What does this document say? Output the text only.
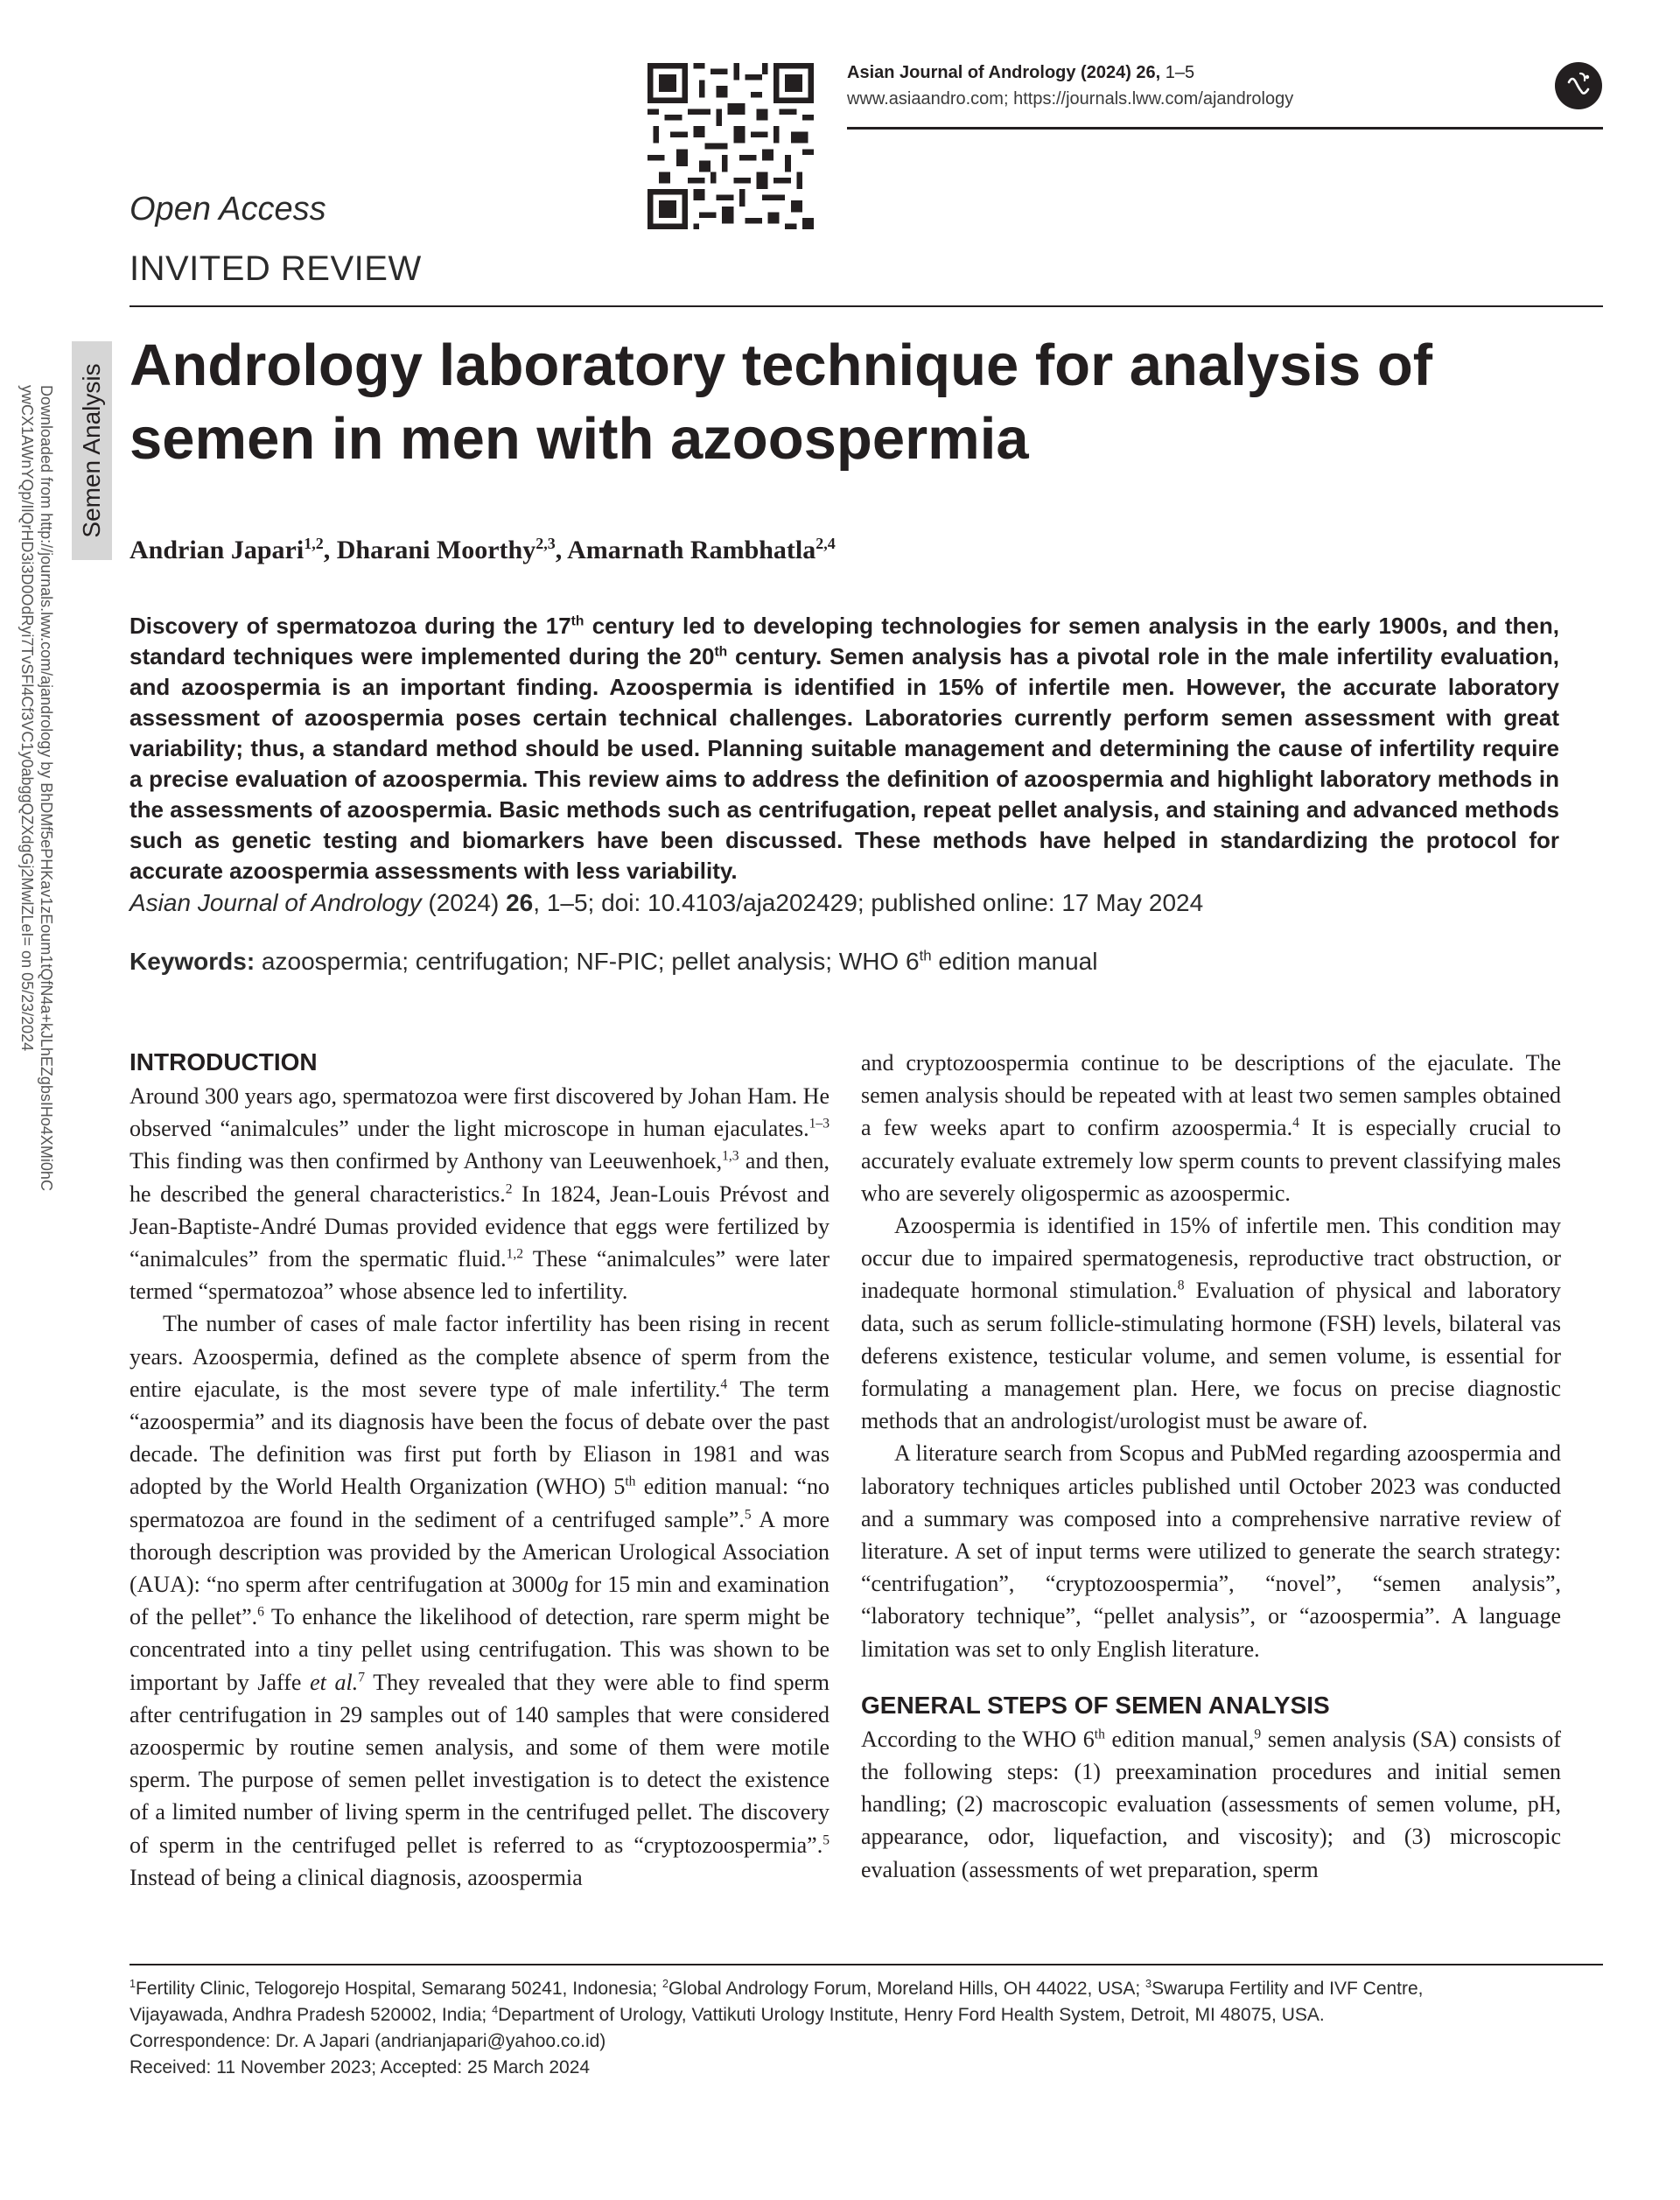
Asian Journal of Andrology (2024) 26, 1–5
www.asiaandro.com; https://journals.lww.com/ajandrology
Open Access
INVITED REVIEW
Semen Analysis
Downloaded from http://journals.lww.com/ajandrology by BhDMf5ePHKav1zEoum1tQfN4a+kJLhEZgbsIHo4XMi0hC
ywCX1AWnYQp/IlQrHD3i3D0OdRyi7TvSFl4Cf3VC1y0abggQZXdgGj2MwlZLeI= on 05/23/2024
Andrology laboratory technique for analysis of semen in men with azoospermia
Andrian Japari$^{1,2}$, Dharani Moorthy$^{2,3}$, Amarnath Rambhatla$^{2,4}$

Discovery of spermatozoa during the 17th century led to developing technologies for semen analysis in the early 1900s, and then, standard techniques were implemented during the 20th century. Semen analysis has a pivotal role in the male infertility evaluation, and azoospermia is an important finding. Azoospermia is identified in 15% of infertile men. However, the accurate laboratory assessment of azoospermia poses certain technical challenges. Laboratories currently perform semen assessment with great variability; thus, a standard method should be used. Planning suitable management and determining the cause of infertility require a precise evaluation of azoospermia. This review aims to address the definition of azoospermia and highlight laboratory methods in the assessments of azoospermia. Basic methods such as centrifugation, repeat pellet analysis, and staining and advanced methods such as genetic testing and biomarkers have been discussed. These methods have helped in standardizing the protocol for accurate azoospermia assessments with less variability.

Asian Journal of Andrology (2024) 26, 1–5; doi: 10.4103/aja202429; published online: 17 May 2024
Keywords: azoospermia; centrifugation; NF-PIC; pellet analysis; WHO 6th edition manual
INTRODUCTION

Around 300 years ago, spermatozoa were first discovered by Johan Ham. He observed “animalcules” under the light microscope in human ejaculates.$^{1-3}$ This finding was then confirmed by Anthony van Leeuwenhoek,$^{1,3}$ and then, he described the general characteristics.$^2$ In 1824, Jean-Louis Prévost and Jean-Baptiste-André Dumas provided evidence that eggs were fertilized by “animalcules” from the spermatic fluid.$^{1,2}$ These “animalcules” were later termed “spermatozoa” whose absence led to infertility.

The number of cases of male factor infertility has been rising in recent years. Azoospermia, defined as the complete absence of sperm from the entire ejaculate, is the most severe type of male infertility.$^4$ The term “azoospermia” and its diagnosis have been the focus of debate over the past decade. The definition was first put forth by Eliason in 1981 and was adopted by the World Health Organization (WHO) 5th edition manual: “no spermatozoa are found in the sediment of a centrifuged sample”.$^5$ A more thorough description was provided by the American Urological Association (AUA): “no sperm after centrifugation at 3000g for 15 min and examination of the pellet”.$^6$ To enhance the likelihood of detection, rare sperm might be concentrated into a tiny pellet using centrifugation. This was shown to be important by Jaffe et al.$^7$ They revealed that they were able to find sperm after centrifugation in 29 samples out of 140 samples that were considered azoospermic by routine semen analysis, and some of them were motile sperm. The purpose of semen pellet investigation is to detect the existence of a limited number of living sperm in the centrifuged pellet. The discovery of sperm in the centrifuged pellet is referred to as “cryptozoospermia”.$^5$ Instead of being a clinical diagnosis, azoospermia

and cryptozoospermia continue to be descriptions of the ejaculate. The semen analysis should be repeated with at least two semen samples obtained a few weeks apart to confirm azoospermia.$^4$ It is especially crucial to accurately evaluate extremely low sperm counts to prevent classifying males who are severely oligospermic as azoospermic.

Azoospermia is identified in 15% of infertile men. This condition may occur due to impaired spermatogenesis, reproductive tract obstruction, or inadequate hormonal stimulation.$^8$ Evaluation of physical and laboratory data, such as serum follicle-stimulating hormone (FSH) levels, bilateral vas deferens existence, testicular volume, and semen volume, is essential for formulating a management plan. Here, we focus on precise diagnostic methods that an andrologist/urologist must be aware of.

A literature search from Scopus and PubMed regarding azoospermia and laboratory techniques articles published until October 2023 was conducted and a summary was composed into a comprehensive narrative review of literature. A set of input terms were utilized to generate the search strategy: “centrifugation”, “cryptozoospermia”, “novel”, “semen analysis”, “laboratory technique”, “pellet analysis”, or “azoospermia”. A language limitation was set to only English literature.

GENERAL STEPS OF SEMEN ANALYSIS

According to the WHO 6th edition manual,$^9$ semen analysis (SA) consists of the following steps: (1) preexamination procedures and initial semen handling; (2) macroscopic evaluation (assessments of semen volume, pH, appearance, odor, liquefaction, and viscosity); and (3) microscopic evaluation (assessments of wet preparation, sperm

$^1$Fertility Clinic, Telogorejo Hospital, Semarang 50241, Indonesia; $^2$Global Andrology Forum, Moreland Hills, OH 44022, USA; $^3$Swarupa Fertility and IVF Centre,
Vijayawada, Andhra Pradesh 520002, India; $^4$Department of Urology, Vattikuti Urology Institute, Henry Ford Health System, Detroit, MI 48075, USA.
Correspondence: Dr. A Japari (andrianjapari@yahoo.co.id)
Received: 11 November 2023; Accepted: 25 March 2024
